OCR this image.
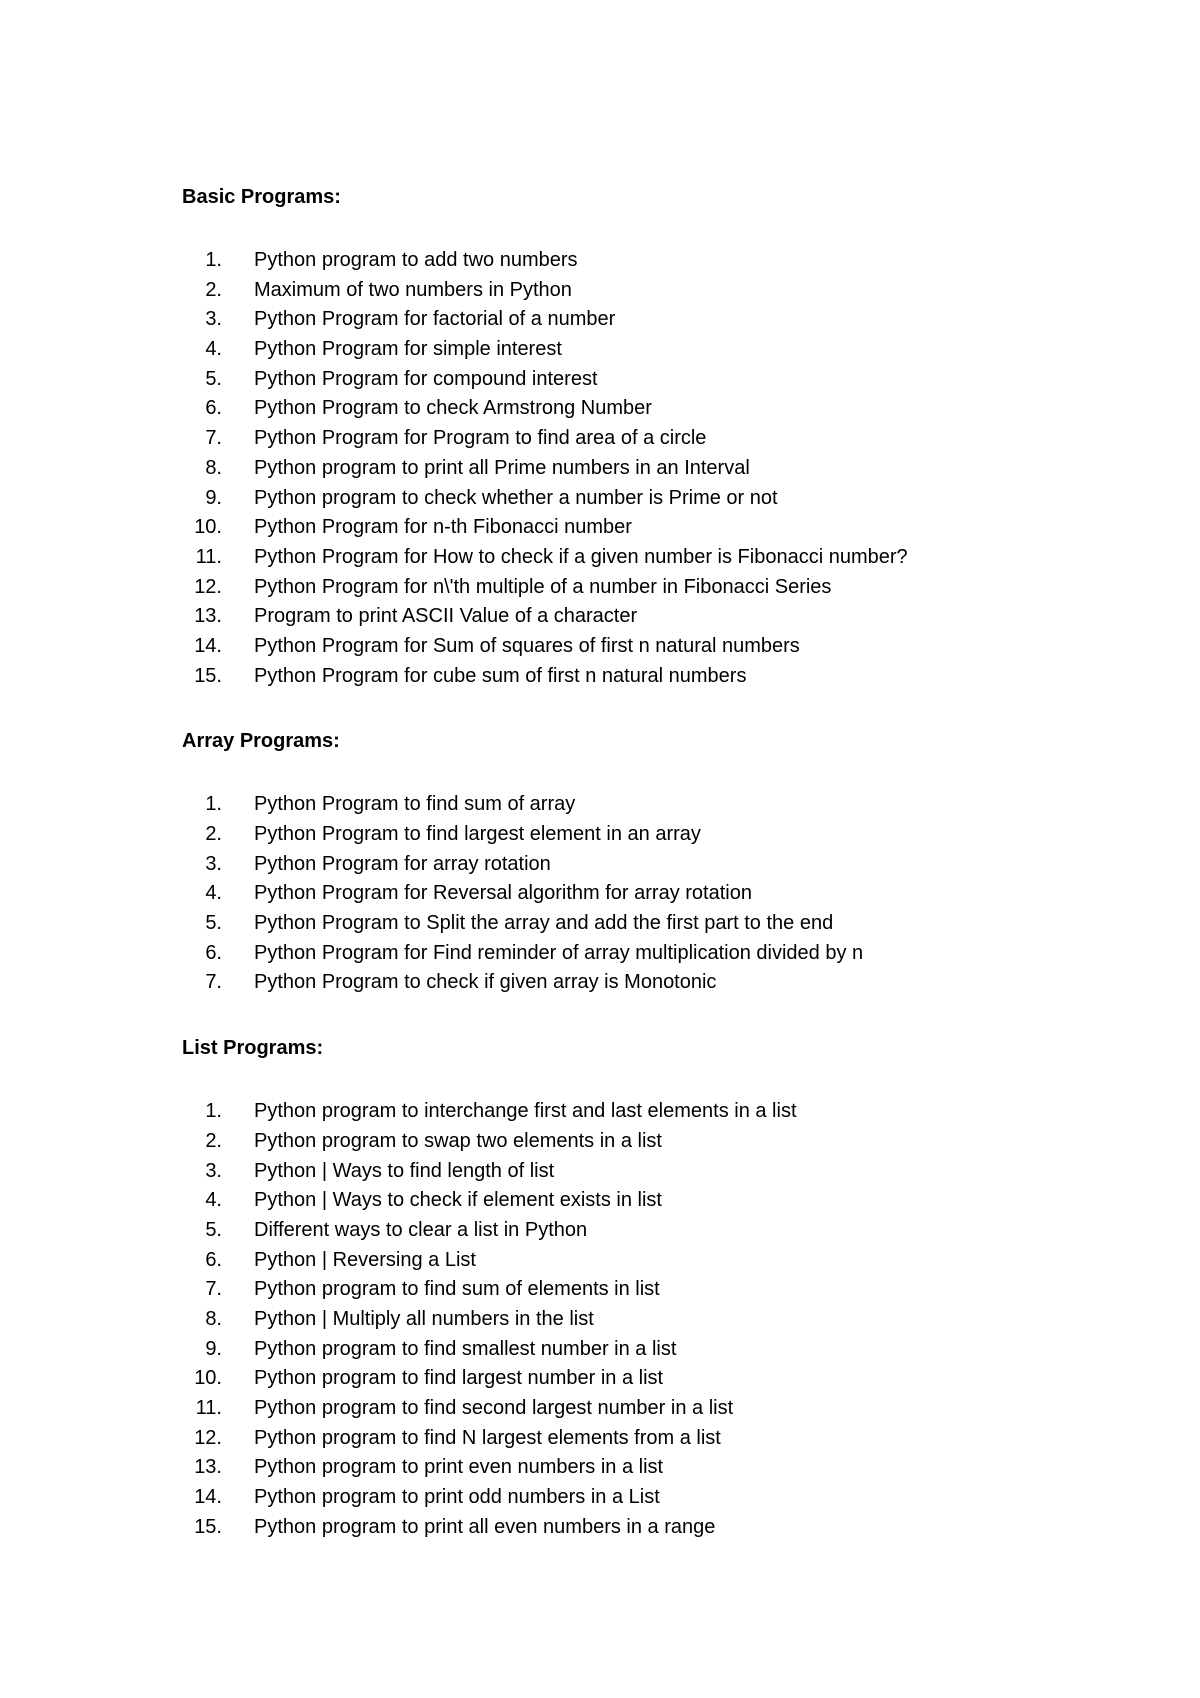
Basic Programs:
1. Python program to add two numbers
2. Maximum of two numbers in Python
3. Python Program for factorial of a number
4. Python Program for simple interest
5. Python Program for compound interest
6. Python Program to check Armstrong Number
7. Python Program for Program to find area of a circle
8. Python program to print all Prime numbers in an Interval
9. Python program to check whether a number is Prime or not
10. Python Program for n-th Fibonacci number
11. Python Program for How to check if a given number is Fibonacci number?
12. Python Program for n\'th multiple of a number in Fibonacci Series
13. Program to print ASCII Value of a character
14. Python Program for Sum of squares of first n natural numbers
15. Python Program for cube sum of first n natural numbers
Array Programs:
1. Python Program to find sum of array
2. Python Program to find largest element in an array
3. Python Program for array rotation
4. Python Program for Reversal algorithm for array rotation
5. Python Program to Split the array and add the first part to the end
6. Python Program for Find reminder of array multiplication divided by n
7. Python Program to check if given array is Monotonic
List Programs:
1. Python program to interchange first and last elements in a list
2. Python program to swap two elements in a list
3. Python | Ways to find length of list
4. Python | Ways to check if element exists in list
5. Different ways to clear a list in Python
6. Python | Reversing a List
7. Python program to find sum of elements in list
8. Python | Multiply all numbers in the list
9. Python program to find smallest number in a list
10. Python program to find largest number in a list
11. Python program to find second largest number in a list
12. Python program to find N largest elements from a list
13. Python program to print even numbers in a list
14. Python program to print odd numbers in a List
15. Python program to print all even numbers in a range
